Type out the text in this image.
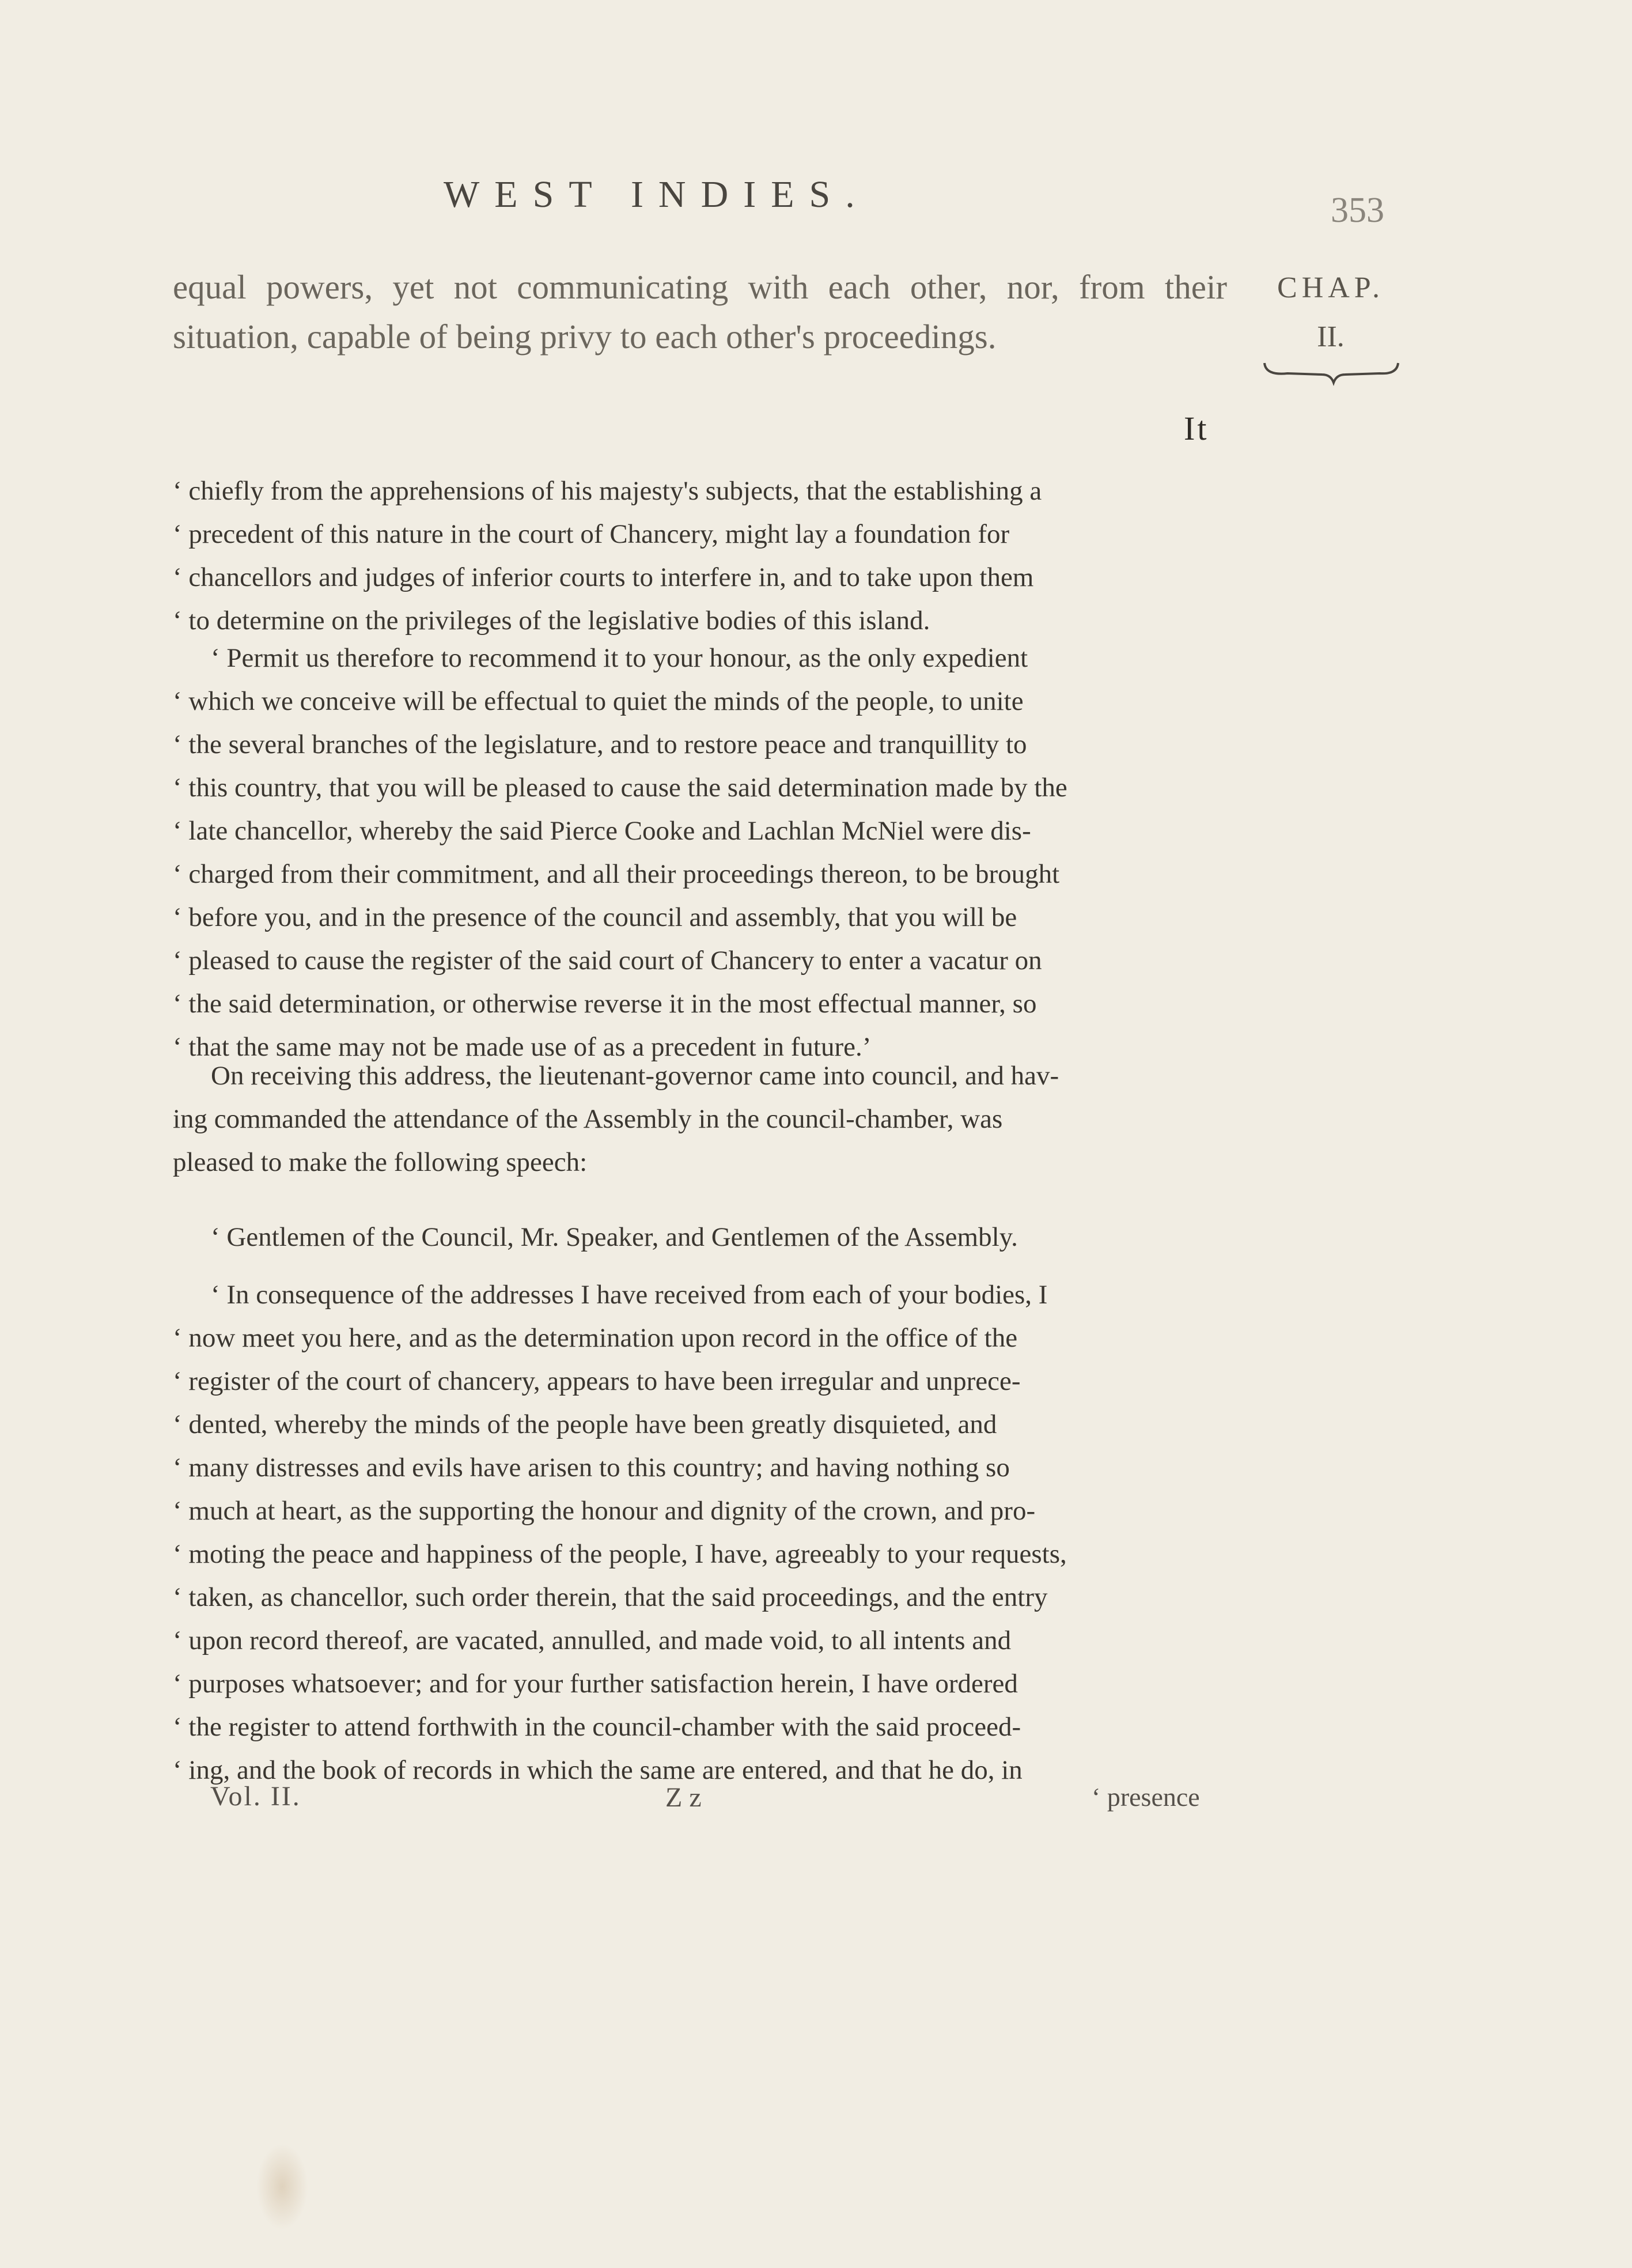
WEST INDIES.	353
CHAP.
II.
equal powers, yet not communicating with each other, nor, from their situation, capable of being privy to each other's proceedings.
It
‘ chiefly from the apprehensions of his majesty's subjects, that the establishing a
‘ precedent of this nature in the court of Chancery, might lay a foundation for
‘ chancellors and judges of inferior courts to interfere in, and to take upon them
‘ to determine on the privileges of the legislative bodies of this island.
‘ Permit us therefore to recommend it to your honour, as the only expedient
‘ which we conceive will be effectual to quiet the minds of the people, to unite
‘ the several branches of the legislature, and to restore peace and tranquillity to
‘ this country, that you will be pleased to cause the said determination made by the
‘ late chancellor, whereby the said Pierce Cooke and Lachlan McNiel were dis-
‘ charged from their commitment, and all their proceedings thereon, to be brought
‘ before you, and in the presence of the council and assembly, that you will be
‘ pleased to cause the register of the said court of Chancery to enter a vacatur on
‘ the said determination, or otherwise reverse it in the most effectual manner, so
‘ that the same may not be made use of as a precedent in future.’
On receiving this address, the lieutenant-governor came into council, and hav-
ing commanded the attendance of the Assembly in the council-chamber, was
pleased to make the following speech:
‘ Gentlemen of the Council, Mr. Speaker, and Gentlemen of the Assembly.
‘ In consequence of the addresses I have received from each of your bodies, I
‘ now meet you here, and as the determination upon record in the office of the
‘ register of the court of chancery, appears to have been irregular and unprece-
‘ dented, whereby the minds of the people have been greatly disquieted, and
‘ many distresses and evils have arisen to this country; and having nothing so
‘ much at heart, as the supporting the honour and dignity of the crown, and pro-
‘ moting the peace and happiness of the people, I have, agreeably to your requests,
‘ taken, as chancellor, such order therein, that the said proceedings, and the entry
‘ upon record thereof, are vacated, annulled, and made void, to all intents and
‘ purposes whatsoever; and for your further satisfaction herein, I have ordered
‘ the register to attend forthwith in the council-chamber with the said proceed-
‘ ing, and the book of records in which the same are entered, and that he do, in
Vol. II.	Z z	‘ presence
